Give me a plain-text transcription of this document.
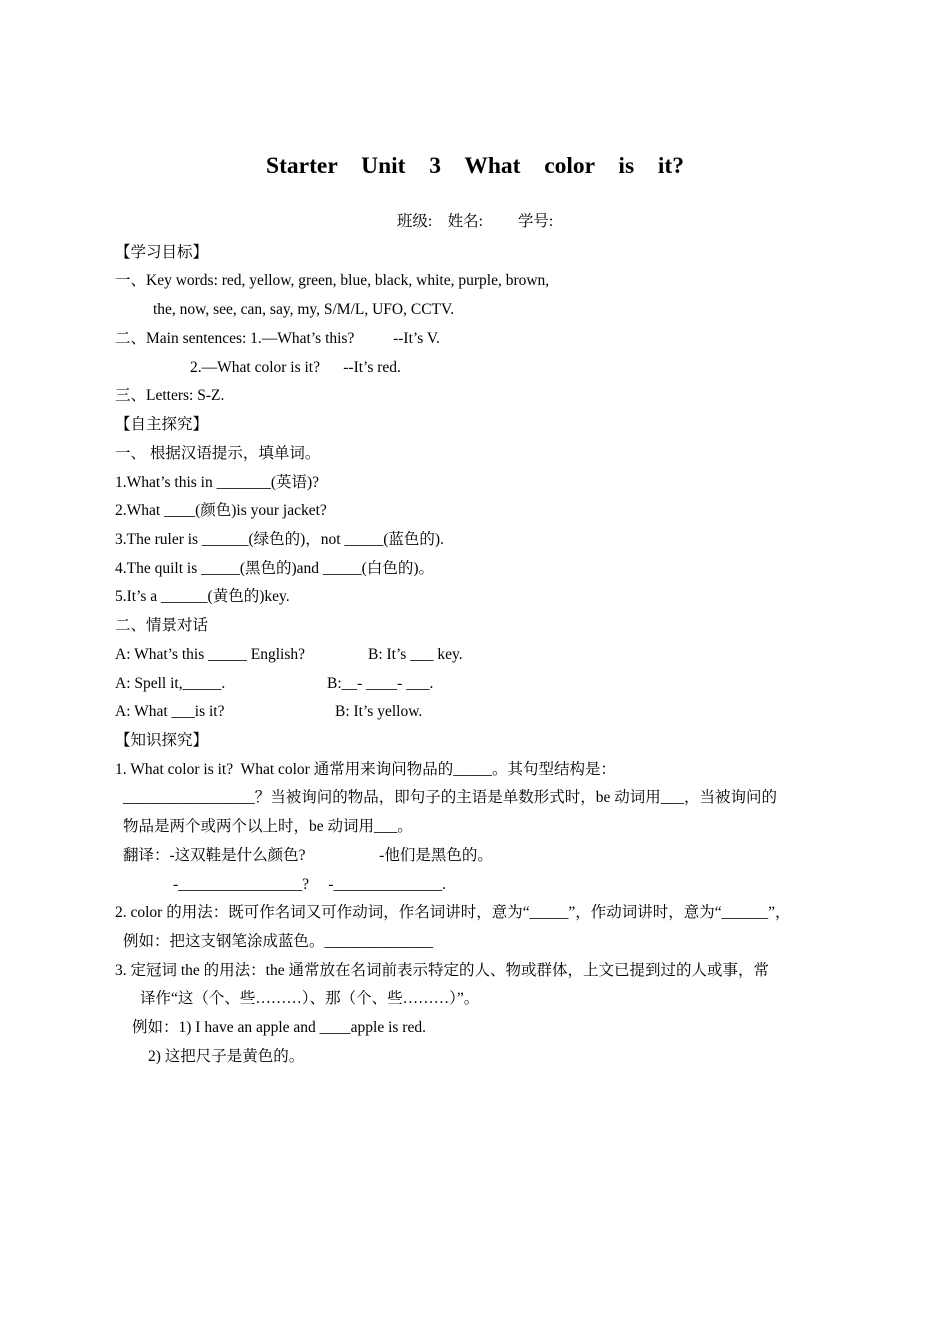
Starter  Unit  3  What  color  is  it?
班级:    姓名:         学号:
【学习目标】
一、Key words: red, yellow, green, blue, black, white, purple, brown,
the, now, see, can, say, my, S/M/L, UFO, CCTV.
二、Main sentences: 1.—What’s this?          --It’s V.
2.—What color is it?      --It’s red.
三、Letters: S-Z.
【自主探究】
一、 根据汉语提示，填单词。
1.What’s this in _______(英语)?
2.What ____(颜色)is your jacket?
3.The ruler is ______(绿色的)，not _____(蓝色的).
4.The quilt is _____(黑色的)and _____(白色的)。
5.It’s a ______(黄色的)key.
二、情景对话
A: What’s this _____ English?	B: It’s ___ key.
A: Spell it,_____.	B:__- ____- ___.
A: What ___is it?	B: It’s yellow.
【知识探究】
1. What color is it?  What color 通常用来询问物品的_____。其句型结构是：
_________________？当被询问的物品，即句子的主语是单数形式时，be 动词用___，当被询问的
物品是两个或两个以上时，be 动词用___。
翻译：-这双鞋是什么颜色?                   -他们是黑色的。
-________________?     -______________.
2. color 的用法：既可作名词又可作动词，作名词讲时，意为“_____”，作动词讲时，意为“______”，
例如：把这支钢笔涂成蓝色。______________
3. 定冠词 the 的用法：the 通常放在名词前表示特定的人、物或群体，上文已提到过的人或事，常
译作“这（个、些………）、那（个、些………）”。
例如：1) I have an apple and ____apple is red.
2) 这把尺子是黄色的。
